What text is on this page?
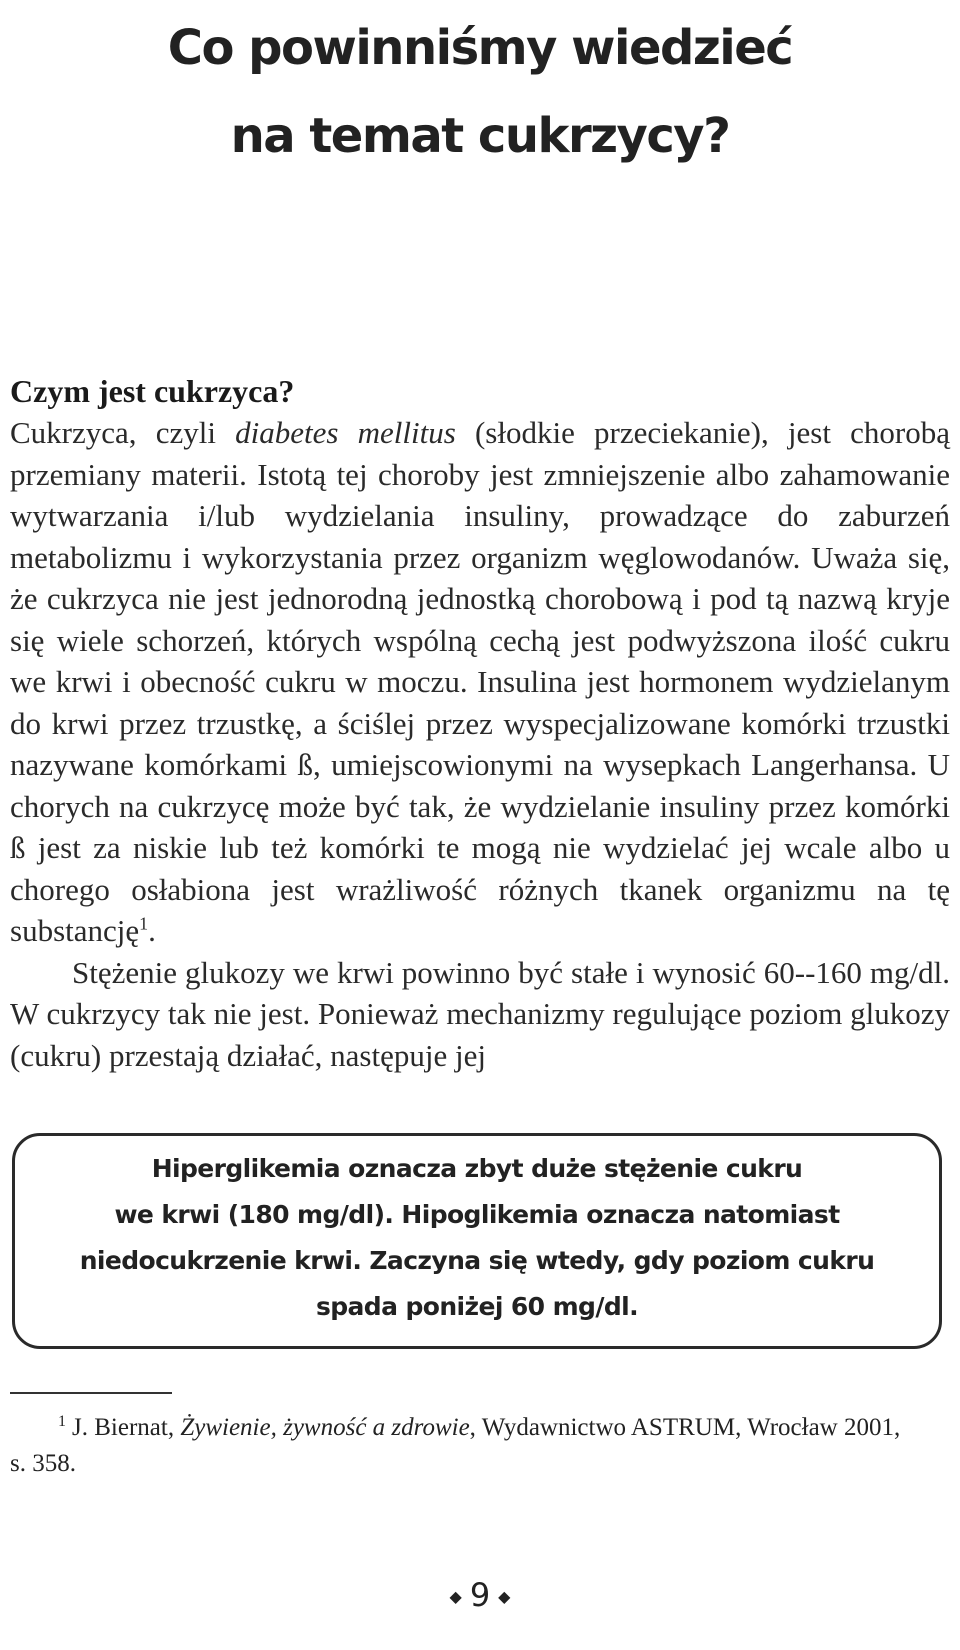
Co powinniśmy wiedzieć
na temat cukrzycy?
Czym jest cukrzyca?

Cukrzyca, czyli diabetes mellitus (słodkie przeciekanie), jest chorobą przemiany materii. Istotą tej choroby jest zmniejszenie albo zahamowanie wytwarzania i/lub wydzielania insuliny, prowadzące do zaburzeń metabolizmu i wykorzystania przez organizm węglowodanów. Uważa się, że cukrzyca nie jest jednorodną jednostką chorobową i pod tą nazwą kryje się wiele schorzeń, których wspólną cechą jest podwyższona ilość cukru we krwi i obecność cukru w moczu. Insulina jest hormonem wydzielanym do krwi przez trzustkę, a ściślej przez wyspecjalizowane komórki trzustki nazywane komórkami ß, umiejscowionymi na wysepkach Langerhansa. U chorych na cukrzycę może być tak, że wydzielanie insuliny przez komórki ß jest za niskie lub też komórki te mogą nie wydzielać jej wcale albo u chorego osłabiona jest wrażliwość różnych tkanek organizmu na tę substancję$^1$.

Stężenie glukozy we krwi powinno być stałe i wynosić 60--160 mg/dl. W cukrzycy tak nie jest. Ponieważ mechanizmy regulujące poziom glukozy (cukru) przestają działać, następuje jej

Hiperglikemia oznacza zbyt duże stężenie cukru
we krwi (180 mg/dl). Hipoglikemia oznacza natomiast
niedocukrzenie krwi. Zaczyna się wtedy, gdy poziom cukru
spada poniżej 60 mg/dl.
$^1$ J. Biernat, Żywienie, żywność a zdrowie, Wydawnictwo ASTRUM, Wrocław 2001, s. 358.
◆ 9 ◆
